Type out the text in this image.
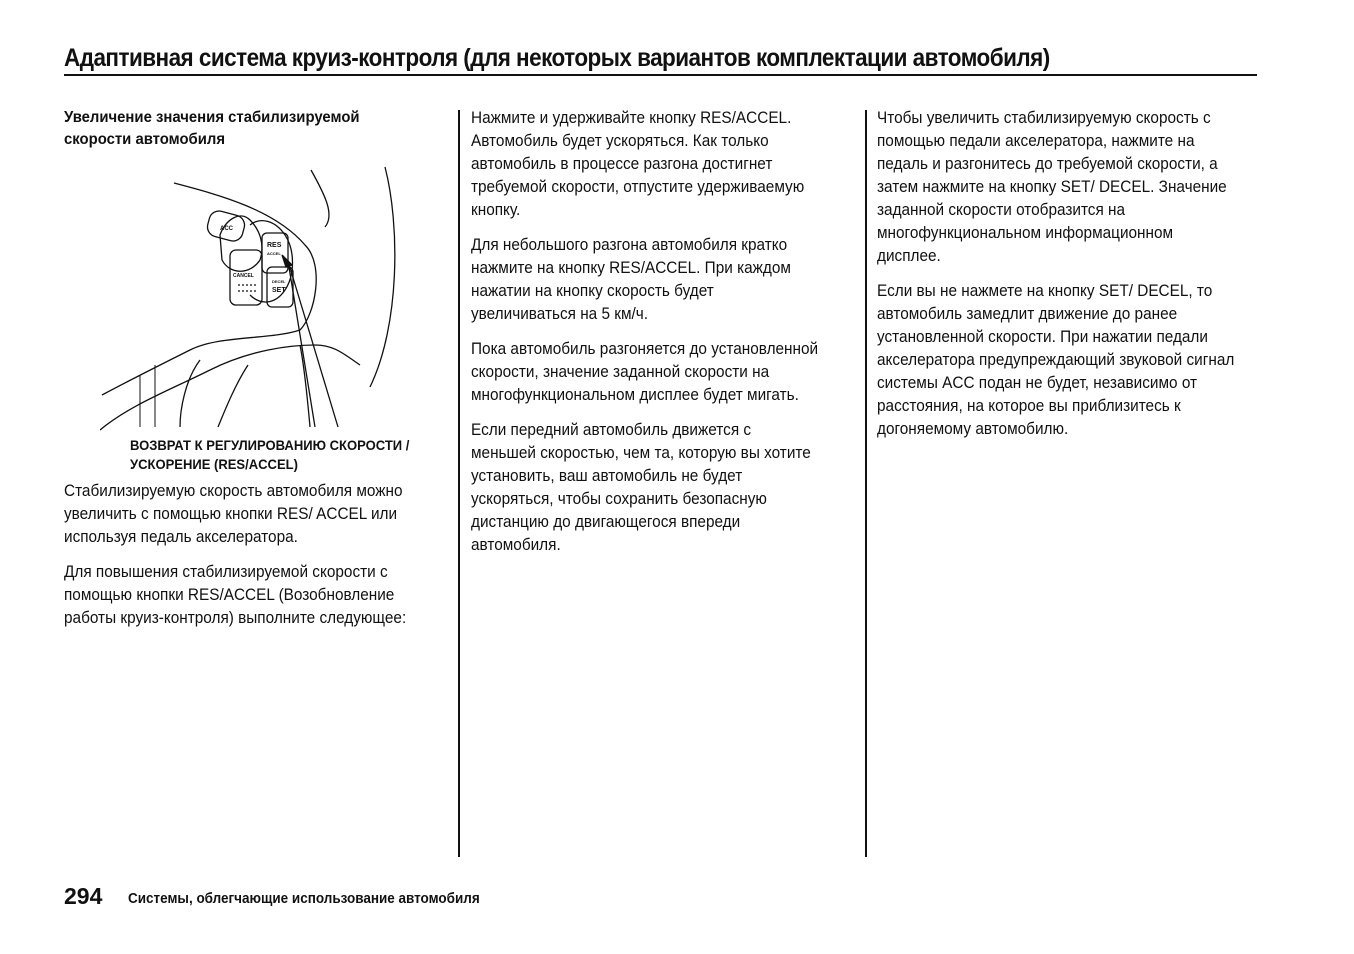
Адаптивная система круиз-контроля (для некоторых вариантов комплектации автомобиля)
Увеличение значения стабилизируемой скорости автомобиля
ACC
RES
ACCEL
CANCEL
DECEL
SET
ВОЗВРАТ К РЕГУЛИРОВАНИЮ СКОРОСТИ / УСКОРЕНИЕ (RES/ACCEL)

Стабилизируемую скорость автомобиля можно увеличить с помощью кнопки RES/ ACCEL или используя педаль акселератора.

Для повышения стабилизируемой скорости с помощью кнопки RES/ACCEL (Возобновление работы круиз-контроля) выполните следующее:

Нажмите и удерживайте кнопку RES/ACCEL. Автомобиль будет ускоряться. Как только автомобиль в процессе разгона достигнет требуемой скорости, отпустите удерживаемую кнопку.

Для небольшого разгона автомобиля кратко нажмите на кнопку RES/ACCEL. При каждом нажатии на кнопку скорость будет увеличиваться на 5 км/ч.

Пока автомобиль разгоняется до установленной скорости, значение заданной скорости на многофункциональном дисплее будет мигать.

Если передний автомобиль движется с меньшей скоростью, чем та, которую вы хотите установить, ваш автомобиль не будет ускоряться, чтобы сохранить безопасную дистанцию до двигающегося впереди автомобиля.

Чтобы увеличить стабилизируемую скорость с помощью педали акселератора, нажмите на педаль и разгонитесь до требуемой скорости, а затем нажмите на кнопку SET/ DECEL. Значение заданной скорости отобразится на многофункциональном информационном дисплее.

Если вы не нажмете на кнопку SET/ DECEL, то автомобиль замедлит движение до ранее установленной скорости. При нажатии педали акселератора предупреждающий звуковой сигнал системы ACC подан не будет, независимо от расстояния, на которое вы приблизитесь к догоняемому автомобилю.

294 Системы, облегчающие использование автомобиля
